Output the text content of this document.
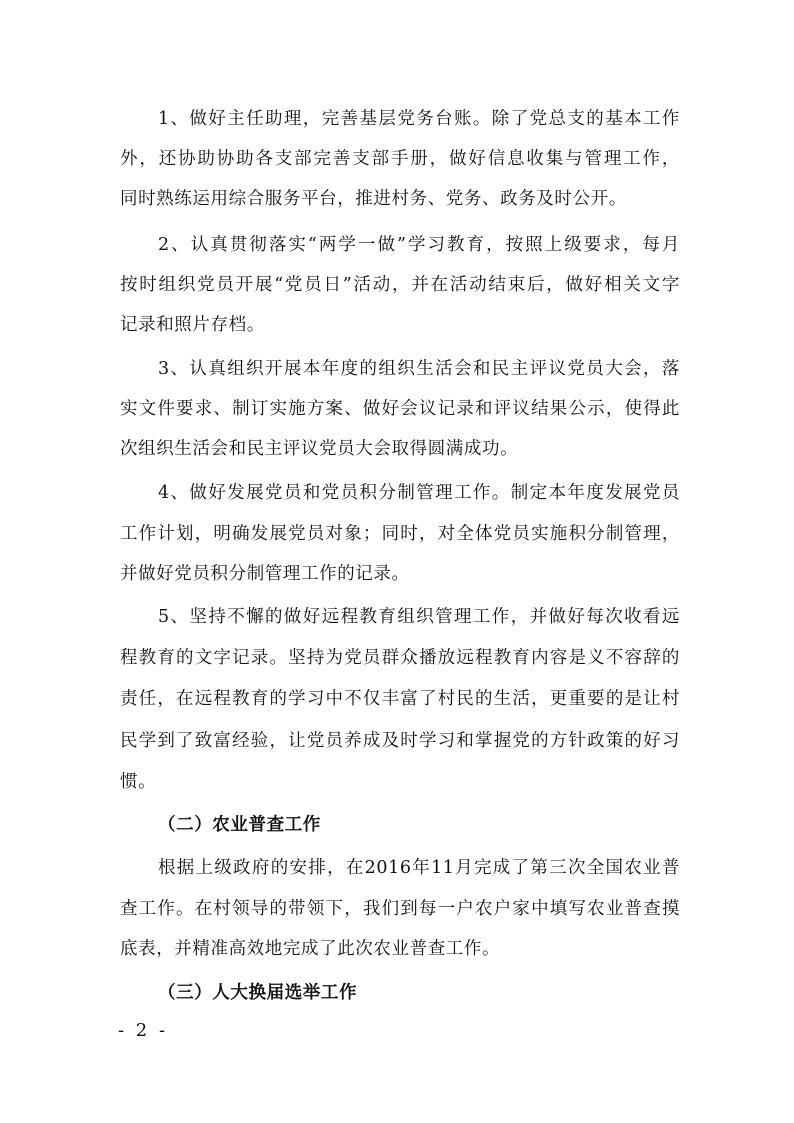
1、做好主任助理，完善基层党务台账。除了党总支的基本工作
外，还协助协助各支部完善支部手册，做好信息收集与管理工作，
同时熟练运用综合服务平台，推进村务、党务、政务及时公开。
2、认真贯彻落实“两学一做”学习教育，按照上级要求，每月
按时组织党员开展“党员日”活动，并在活动结束后，做好相关文字
记录和照片存档。
3、认真组织开展本年度的组织生活会和民主评议党员大会，落
实文件要求、制订实施方案、做好会议记录和评议结果公示，使得此
次组织生活会和民主评议党员大会取得圆满成功。
4、做好发展党员和党员积分制管理工作。制定本年度发展党员
工作计划，明确发展党员对象；同时，对全体党员实施积分制管理，
并做好党员积分制管理工作的记录。
5、坚持不懈的做好远程教育组织管理工作，并做好每次收看远
程教育的文字记录。坚持为党员群众播放远程教育内容是义不容辞的
责任，在远程教育的学习中不仅丰富了村民的生活，更重要的是让村
民学到了致富经验，让党员养成及时学习和掌握党的方针政策的好习
惯。
（二）农业普查工作
根据上级政府的安排，在2016年11月完成了第三次全国农业普
查工作。在村领导的带领下，我们到每一户农户家中填写农业普查摸
底表，并精准高效地完成了此次农业普查工作。
（三）人大换届选举工作
- 2 -
